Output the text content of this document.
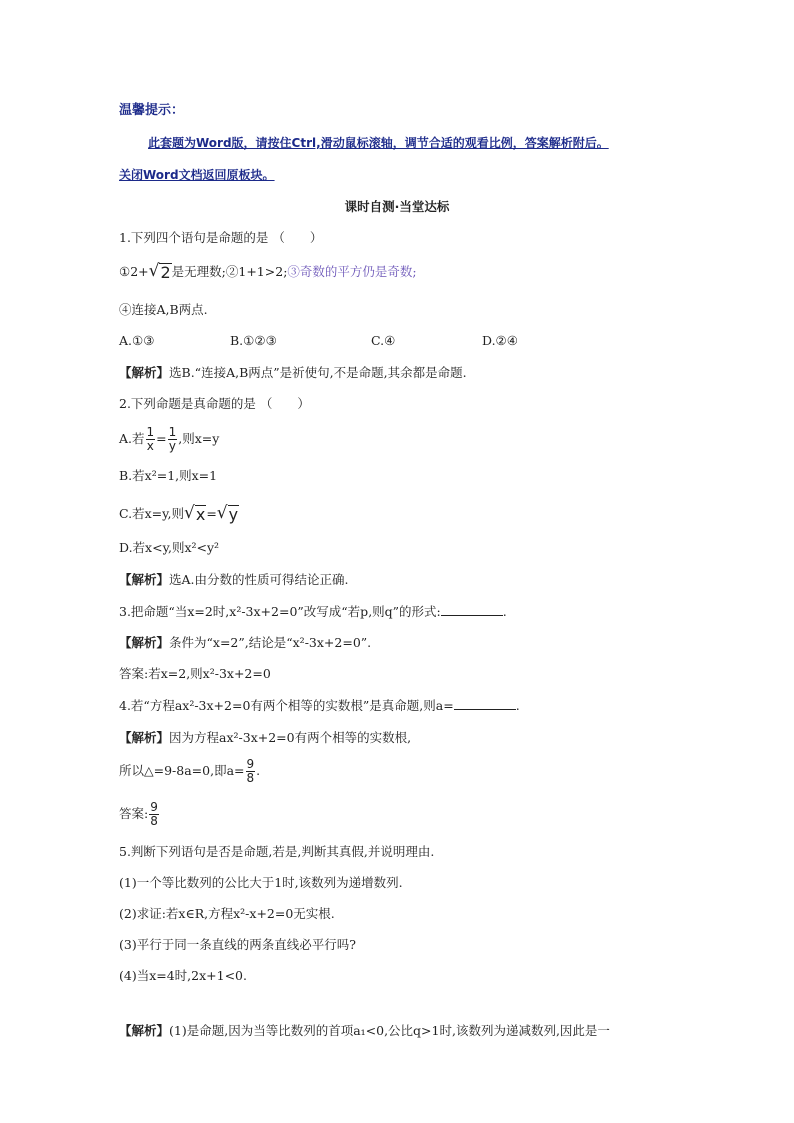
温馨提示：
此套题为Word版，请按住Ctrl,滑动鼠标滚轴，调节合适的观看比例，答案解析附后。
关闭Word文档返回原板块。
课时自测·当堂达标
1.下列四个语句是命题的是 （　　）
①2+ √ 2 是无理数;②1+1>2;③奇数的平方仍是奇数;
④连接A,B两点.
A.①③	B.①②③	C.④	D.②④
【解析】选B.“连接A,B两点”是祈使句,不是命题,其余都是命题.
2.下列命题是真命题的是 （　　）
A.若 $\frac{1}{x} = \frac{1}{y}$ ,则x=y
B.若x²=1,则x=1
C.若x=y,则 √ x = √ y
D.若x<y,则x²<y²
【解析】选A.由分数的性质可得结论正确.
3.把命题“当x=2时,x²-3x+2=0”改写成“若p,则q”的形式:	.
【解析】条件为“x=2”,结论是“x²-3x+2=0”.
答案:若x=2,则x²-3x+2=0
4.若“方程ax²-3x+2=0有两个相等的实数根”是真命题,则a=	.
【解析】因为方程ax²-3x+2=0有两个相等的实数根,
所以△=9-8a=0,即$a= \frac{9}{8}$ .
答案: $\frac{9}{8}$
5.判断下列语句是否是命题,若是,判断其真假,并说明理由.
(1)一个等比数列的公比大于1时,该数列为递增数列.
(2)求证:若x∈R,方程x²-x+2=0无实根.
(3)平行于同一条直线的两条直线必平行吗?
(4)当x=4时,2x+1<0.
【解析】(1)是命题,因为当等比数列的首项a₁<0,公比q>1时,该数列为递减数列,因此是一
